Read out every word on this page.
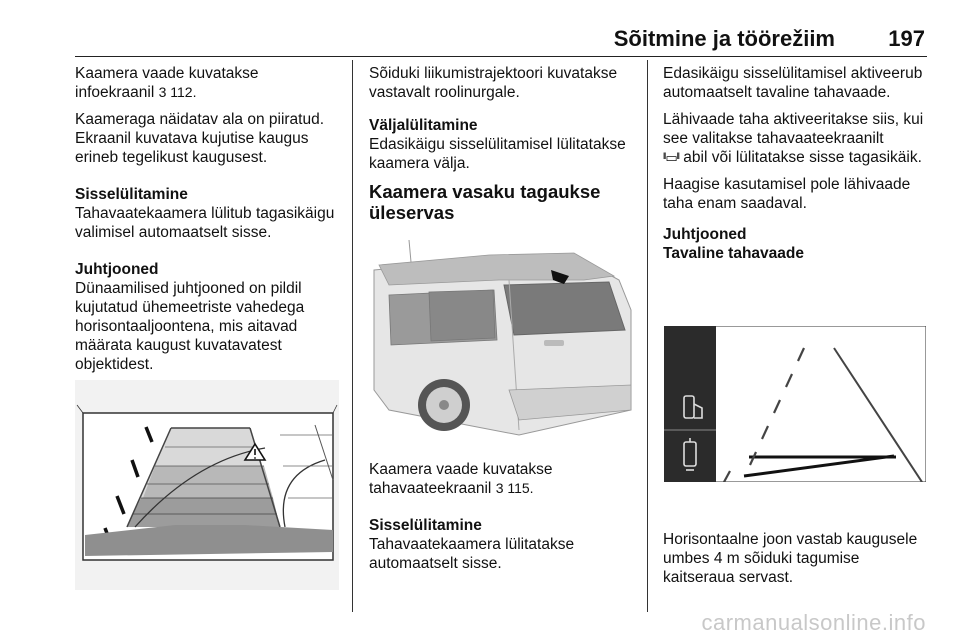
Sõitmine ja töörežiim 197

Kaamera vaade kuvatakse
infoekraanil 3 112.

Kaameraga näidatav ala on piiratud. Ekraanil kuvatava kujutise kaugus erineb tegelikust kaugusest.

Sisselülitamine

Tahavaatekaamera lülitub tagasikäigu valimisel automaatselt sisse.

Juhtjooned

Dünaamilised juhtjooned on pildil kujutatud ühemeetriste vahedega horisontaaljoontena, mis aitavad määrata kaugust kuvatavatest objektidest.

Sõiduki liikumistrajektoori kuvatakse vastavalt roolinurgale.

Väljalülitamine

Edasikäigu sisselülitamisel lülitatakse kaamera välja.

Kaamera vasaku tagaukse üleservas

Kaamera vaade kuvatakse
tahavaateekraanil 3 115.

Sisselülitamine

Tahavaatekaamera lülitatakse automaatselt sisse.

Edasikäigu sisselülitamisel aktiveerub automaatselt tavaline tahavaade.

Lähivaade taha aktiveeritakse siis, kui see valitakse tahavaateekraanilt
ᴵᴵ▭ᴵᴵ abil või lülitatakse sisse tagasikäik.

Haagise kasutamisel pole lähivaade taha enam saadaval.

Juhtjooned

Tavaline tahavaade

Horisontaalne joon vastab kaugusele umbes 4 m sõiduki tagumise kaitseraua servast.

carmanualsonline.info
